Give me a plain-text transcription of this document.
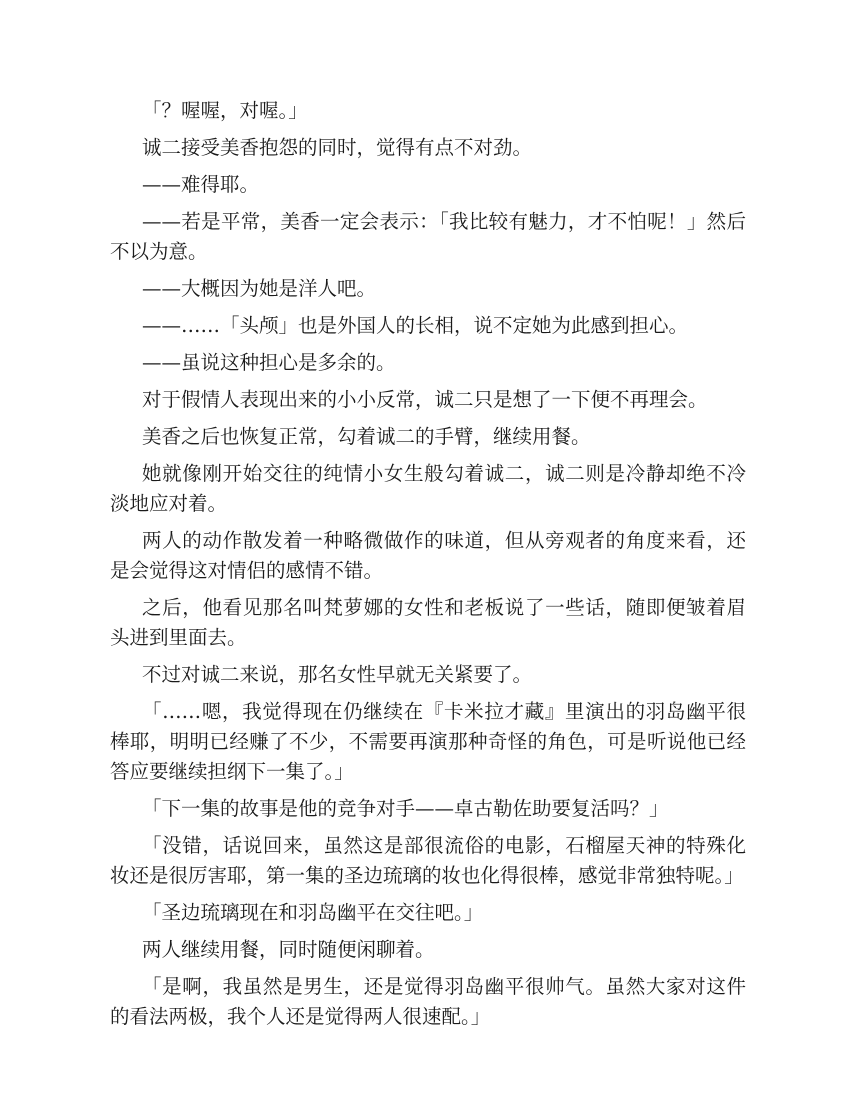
「？喔喔，对喔。」

诚二接受美香抱怨的同时，觉得有点不对劲。

——难得耶。

——若是平常，美香一定会表示：「我比较有魅力，才不怕呢！」然后不以为意。

——大概因为她是洋人吧。

——……「头颅」也是外国人的长相，说不定她为此感到担心。

——虽说这种担心是多余的。

对于假情人表现出来的小小反常，诚二只是想了一下便不再理会。

美香之后也恢复正常，勾着诚二的手臂，继续用餐。

她就像刚开始交往的纯情小女生般勾着诚二，诚二则是冷静却绝不冷淡地应对着。

两人的动作散发着一种略微做作的味道，但从旁观者的角度来看，还是会觉得这对情侣的感情不错。

之后，他看见那名叫梵萝娜的女性和老板说了一些话，随即便皱着眉头进到里面去。

不过对诚二来说，那名女性早就无关紧要了。

「……嗯，我觉得现在仍继续在『卡米拉才藏』里演出的羽岛幽平很棒耶，明明已经赚了不少，不需要再演那种奇怪的角色，可是听说他已经答应要继续担纲下一集了。」

「下一集的故事是他的竞争对手——卓古勒佐助要复活吗？」

「没错，话说回来，虽然这是部很流俗的电影，石榴屋天神的特殊化妆还是很厉害耶，第一集的圣边琉璃的妆也化得很棒，感觉非常独特呢。」

「圣边琉璃现在和羽岛幽平在交往吧。」

两人继续用餐，同时随便闲聊着。

「是啊，我虽然是男生，还是觉得羽岛幽平很帅气。虽然大家对这件的看法两极，我个人还是觉得两人很速配。」
